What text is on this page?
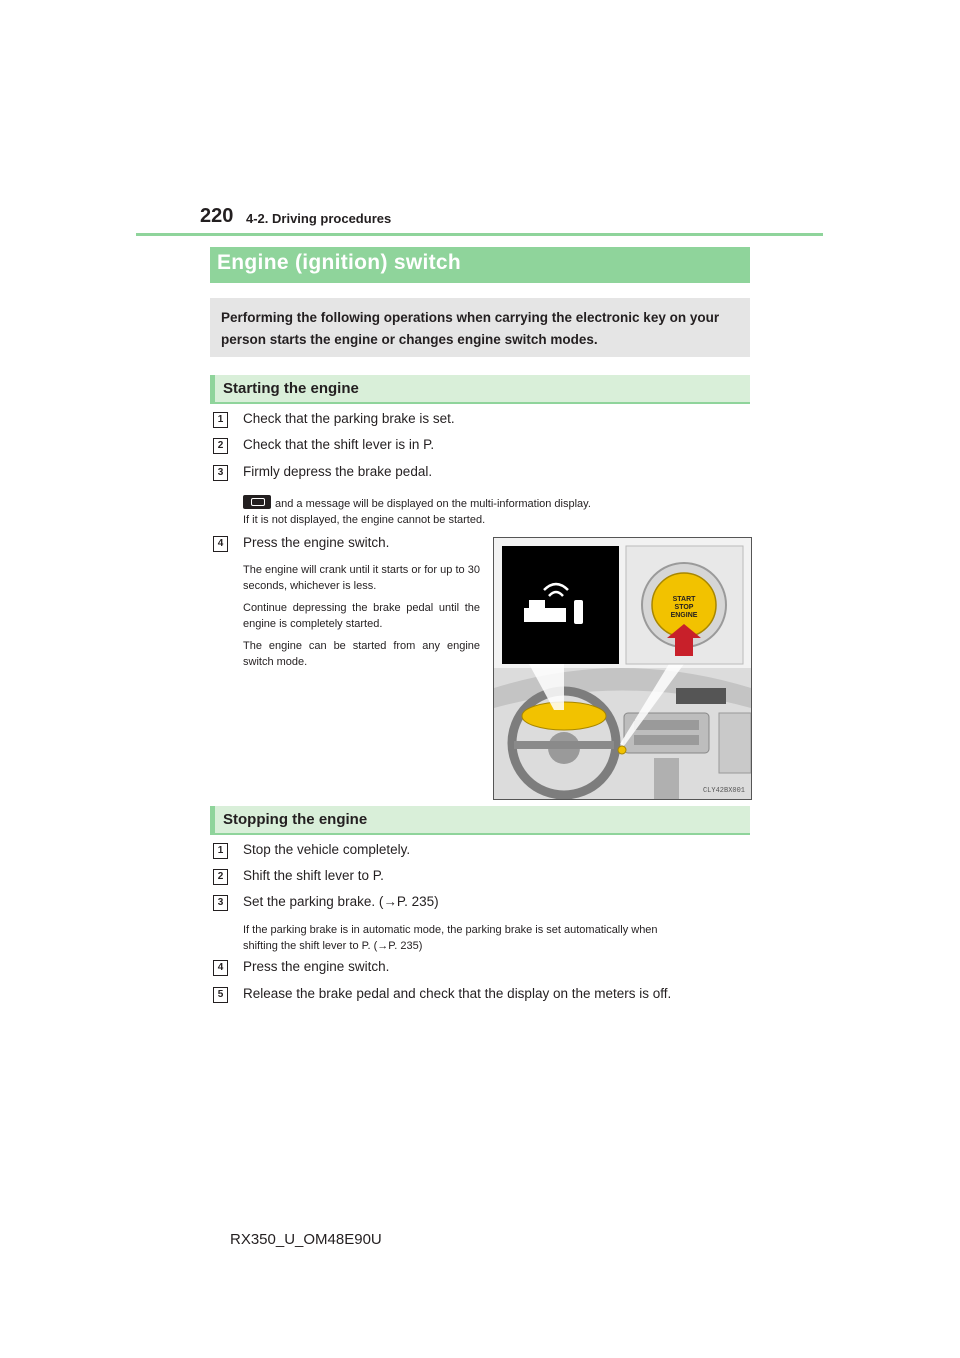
220 4-2. Driving procedures
Engine (ignition) switch
Performing the following operations when carrying the electronic key on your person starts the engine or changes engine switch modes.
Starting the engine
1	Check that the parking brake is set.
2	Check that the shift lever is in P.
3	Firmly depress the brake pedal.
and a message will be displayed on the multi-information display.
If it is not displayed, the engine cannot be started.
4	Press the engine switch.
The engine will crank until it starts or for up to 30 seconds, whichever is less.
Continue depressing the brake pedal until the engine is completely started.
The engine can be started from any engine switch mode.
START
STOP
ENGINE
CLY42BX001
Stopping the engine
1	Stop the vehicle completely.
2	Shift the shift lever to P.
3	Set the parking brake. (→P. 235)
If the parking brake is in automatic mode, the parking brake is set automatically when
shifting the shift lever to P. (→P. 235)
4	Press the engine switch.
5	Release the brake pedal and check that the display on the meters is off.
RX350_U_OM48E90U
